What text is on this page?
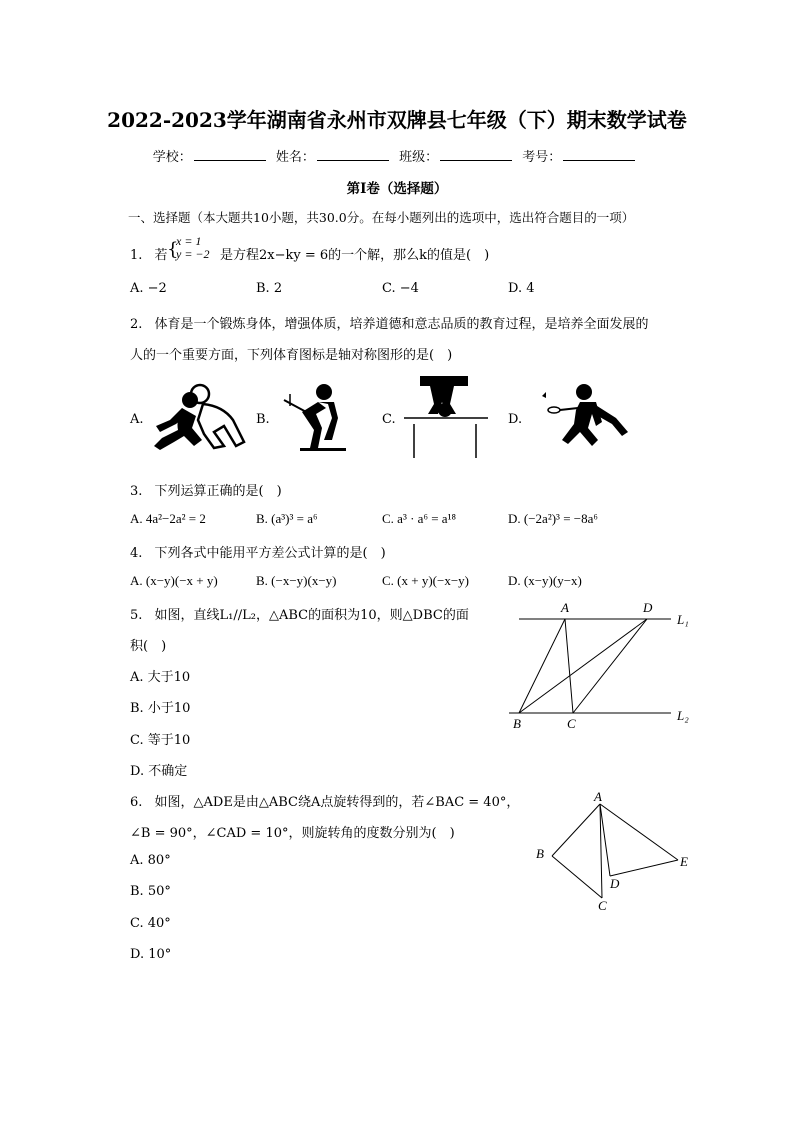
2022-2023学年湖南省永州市双牌县七年级（下）期末数学试卷
学校：	姓名：	班级：	考号：
第Ⅰ卷（选择题）
一、选择题（本大题共10小题，共30.0分。在每小题列出的选项中，选出符合题目的一项）
1. 若 {
x = 1
y = −2 是方程2x−ky = 6的一个解，那么k的值是(　)
A. −2	B. 2	C. −4	D. 4
2. 体育是一个锻炼身体，增强体质，培养道德和意志品质的教育过程，是培养全面发展的
人的一个重要方面，下列体育图标是轴对称图形的是(　)
A.	B.	C.	D.
3. 下列运算正确的是(　)
A. 4a²−2a² = 2	B. (a³)³ = a⁶	C. a³ · a⁶ = a¹⁸	D. (−2a²)³ = −8a⁶
4. 下列各式中能用平方差公式计算的是(　)
A. (x−y)(−x + y)	B. (−x−y)(x−y)	C. (x + y)(−x−y)	D. (x−y)(y−x)
5. 如图，直线L₁//L₂，△ABC的面积为10，则△DBC的面
积(　)
A. 大于10
B. 小于10
C. 等于10
D. 不确定
A	D
B	C
L₁
L₂
6. 如图，△ADE是由△ABC绕A点旋转得到的，若∠BAC = 40°，
∠B = 90°，∠CAD = 10°，则旋转角的度数分别为(　)
A. 80°
B. 50°
C. 40°
D. 10°
A
B
C
D
E
